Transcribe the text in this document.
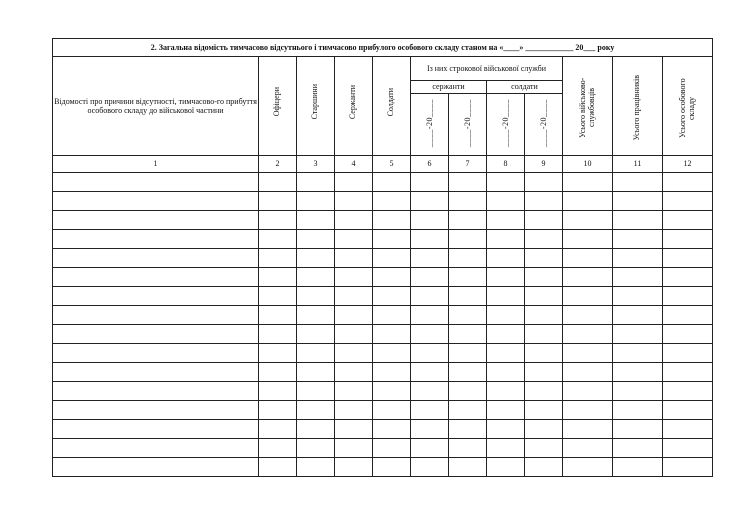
2. Загальна відомість тимчасово відсутнього і тимчасово прибулого особового складу станом на «____» ____________ 20___ року											
Відомості про причини відсутності, тимчасово-го прибуття особового складу до військової частини	Офіцери	Старшини	Сержанти	Солдати	Із них строкової військової служби				Усього військово-службовців	Усього працівників	Усього особового складу
					сержанти		солдати				
					____-20____	____-20____	____-20____	____-20____			
1	2	3	4	5	6	7	8	9	10	11	12
